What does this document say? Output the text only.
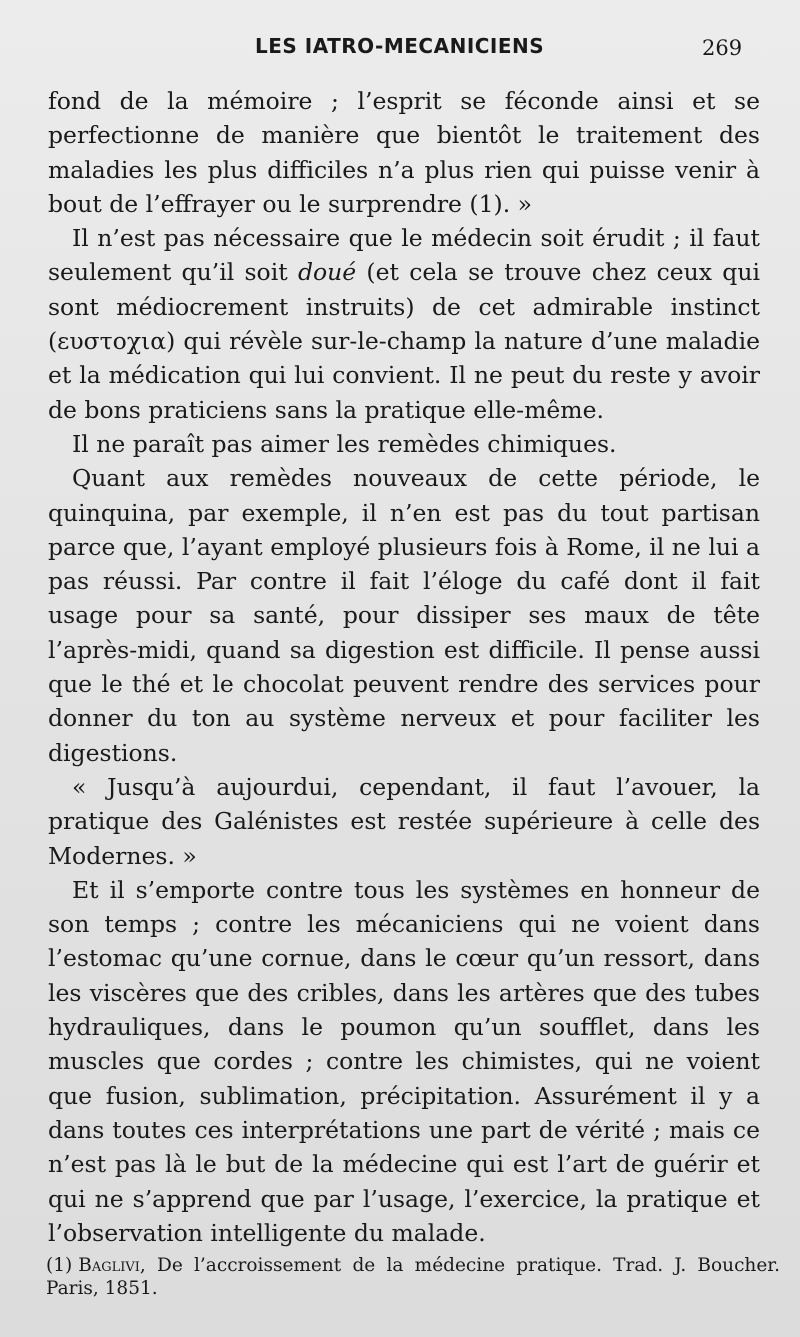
LES IATRO-MECANICIENS	269

fond de la mémoire ; l’esprit se féconde ainsi et se perfectionne de manière que bientôt le traitement des maladies les plus difficiles n’a plus rien qui puisse venir à bout de l’effrayer ou le surprendre (1). »

Il n’est pas nécessaire que le médecin soit érudit ; il faut seulement qu’il soit doué (et cela se trouve chez ceux qui sont médiocrement instruits) de cet admirable instinct (ευστοχια) qui révèle sur-le-champ la nature d’une maladie et la médication qui lui convient. Il ne peut du reste y avoir de bons praticiens sans la pratique elle-même.

Il ne paraît pas aimer les remèdes chimiques.

Quant aux remèdes nouveaux de cette période, le quinquina, par exemple, il n’en est pas du tout partisan parce que, l’ayant employé plusieurs fois à Rome, il ne lui a pas réussi. Par contre il fait l’éloge du café dont il fait usage pour sa santé, pour dissiper ses maux de tête l’après-midi, quand sa digestion est difficile. Il pense aussi que le thé et le chocolat peuvent rendre des services pour donner du ton au système nerveux et pour faciliter les digestions.

« Jusqu’à aujourdui, cependant, il faut l’avouer, la pratique des Galénistes est restée supérieure à celle des Modernes. »

Et il s’emporte contre tous les systèmes en honneur de son temps ; contre les mécaniciens qui ne voient dans l’estomac qu’une cornue, dans le cœur qu’un ressort, dans les viscères que des cribles, dans les artères que des tubes hydrauliques, dans le poumon qu’un soufflet, dans les muscles que cordes ; contre les chimistes, qui ne voient que fusion, sublimation, précipitation. Assurément il y a dans toutes ces interprétations une part de vérité ; mais ce n’est pas là le but de la médecine qui est l’art de guérir et qui ne s’apprend que par l’usage, l’exercice, la pratique et l’observation intelligente du malade.

(1) Baglivi, De l’accroissement de la médecine pratique. Trad. J. Boucher. Paris, 1851.
